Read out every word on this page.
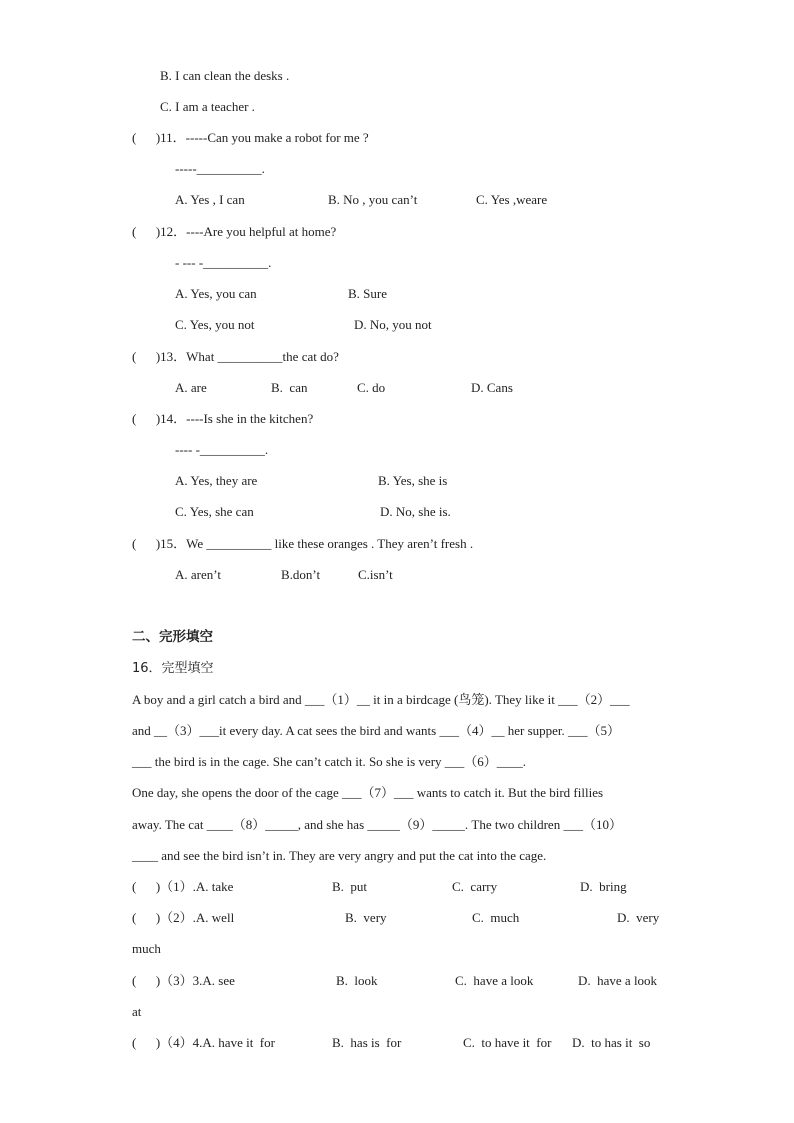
B. I can clean the desks .
C. I am a teacher .
(      )11．-----Can you make a robot for me ?
-----__________.
A. Yes , I can	B. No , you can’t	C. Yes ,weare
(      )12．----Are you helpful at home?
- --- -__________.
A. Yes, you can	B. Sure
C. Yes, you not	D. No, you not
(      )13．What __________the cat do?
A. are	B.  can	C. do	D. Cans
(      )14．----Is she in the kitchen?
---- -__________.
A. Yes, they are	B. Yes, she is
C. Yes, she can	D. No, she is.
(      )15．We __________ like these oranges . They aren’t fresh .
A. aren’t	B.don’t	C.isn’t
二、完形填空
16．完型填空
A boy and a girl catch a bird and ___（1）__ it in a birdcage (鸟笼). They like it ___（2）___
and __（3）___it every day. A cat sees the bird and wants ___（4）__ her supper. ___（5）
___ the bird is in the cage. She can’t catch it. So she is very ___（6）____.
One day, she opens the door of the cage ___（7）___ wants to catch it. But the bird fillies
away. The cat ____（8）_____, and she has _____（9）_____. The two children ___（10）
____ and see the bird isn’t in. They are very angry and put the cat into the cage.
(      )（1）.A. take	B.  put	C.  carry	D.  bring
(      )（2）.A. well	B.  very	C.  much	D.  very
much
(      )（3）3.A. see	B.  look	C.  have a look	D.  have a look
at
(      )（4）4.A. have it  for	B.  has is  for	C.  to have it  for D.  to has it  so
